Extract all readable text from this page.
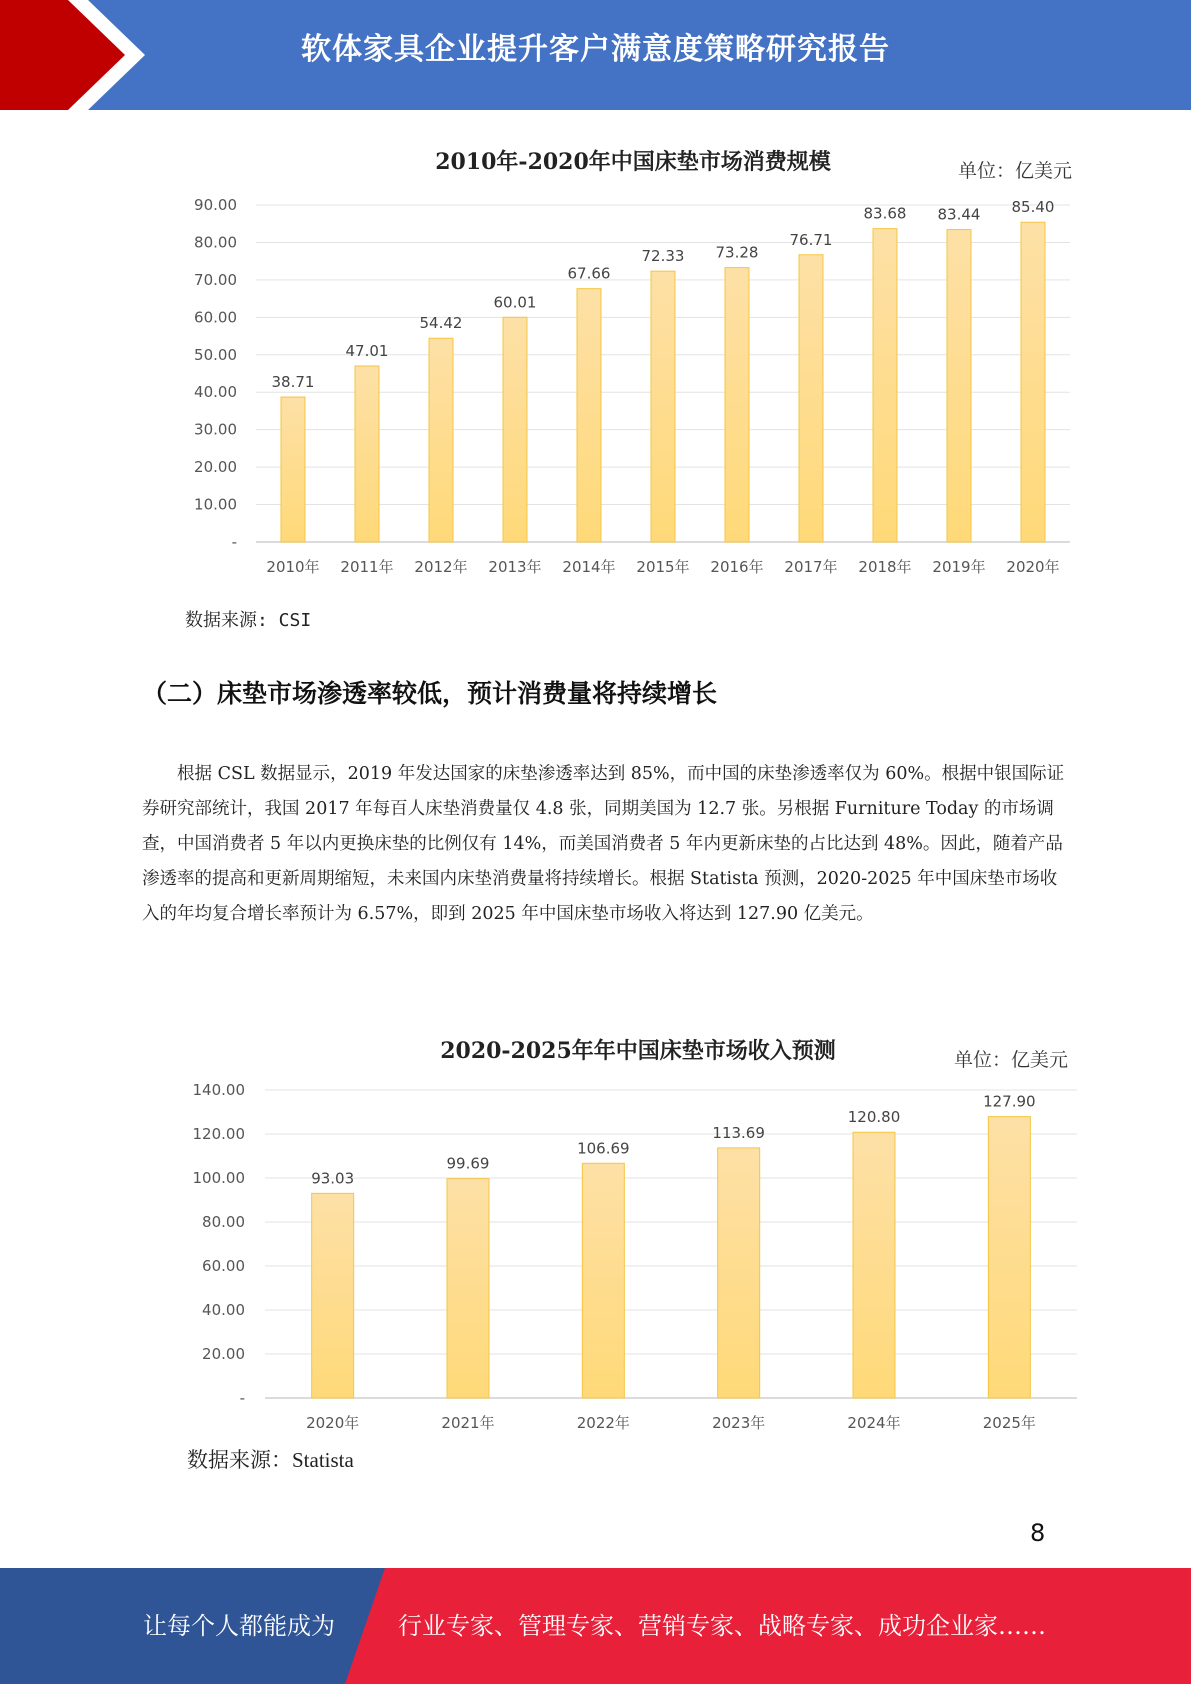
软体家具企业提升客户满意度策略研究报告
2010年-2020年中国床垫市场消费规模	单位：亿美元
-
10.00
20.00
30.00
40.00
50.00
60.00
70.00
80.00
90.00
38.71
2010年
47.01
2011年
54.42
2012年
60.01
2013年
67.66
2014年
72.33
2015年
73.28
2016年
76.71
2017年
83.68
2018年
83.44
2019年
85.40
2020年
数据来源: CSI
（二）床垫市场渗透率较低，预计消费量将持续增长

根据 CSL 数据显示，2019 年发达国家的床垫渗透率达到 85%，而中国的床垫渗透率仅为 60%。根据中银国际证券研究部统计，我国 2017 年每百人床垫消费量仅 4.8 张，同期美国为 12.7 张。另根据 Furniture Today 的市场调查，中国消费者 5 年以内更换床垫的比例仅有 14%，而美国消费者 5 年内更新床垫的占比达到 48%。因此，随着产品渗透率的提高和更新周期缩短，未来国内床垫消费量将持续增长。根据 Statista 预测，2020-2025 年中国床垫市场收入的年均复合增长率预计为 6.57%，即到 2025 年中国床垫市场收入将达到 127.90 亿美元。

2020-2025年年中国床垫市场收入预测	单位：亿美元
-
20.00
40.00
60.00
80.00
100.00
120.00
140.00
93.03
2020年
99.69
2021年
106.69
2022年
113.69
2023年
120.80
2024年
127.90
2025年
数据来源：Statista
8
让每个人都能成为	行业专家、管理专家、营销专家、战略专家、成功企业家……
